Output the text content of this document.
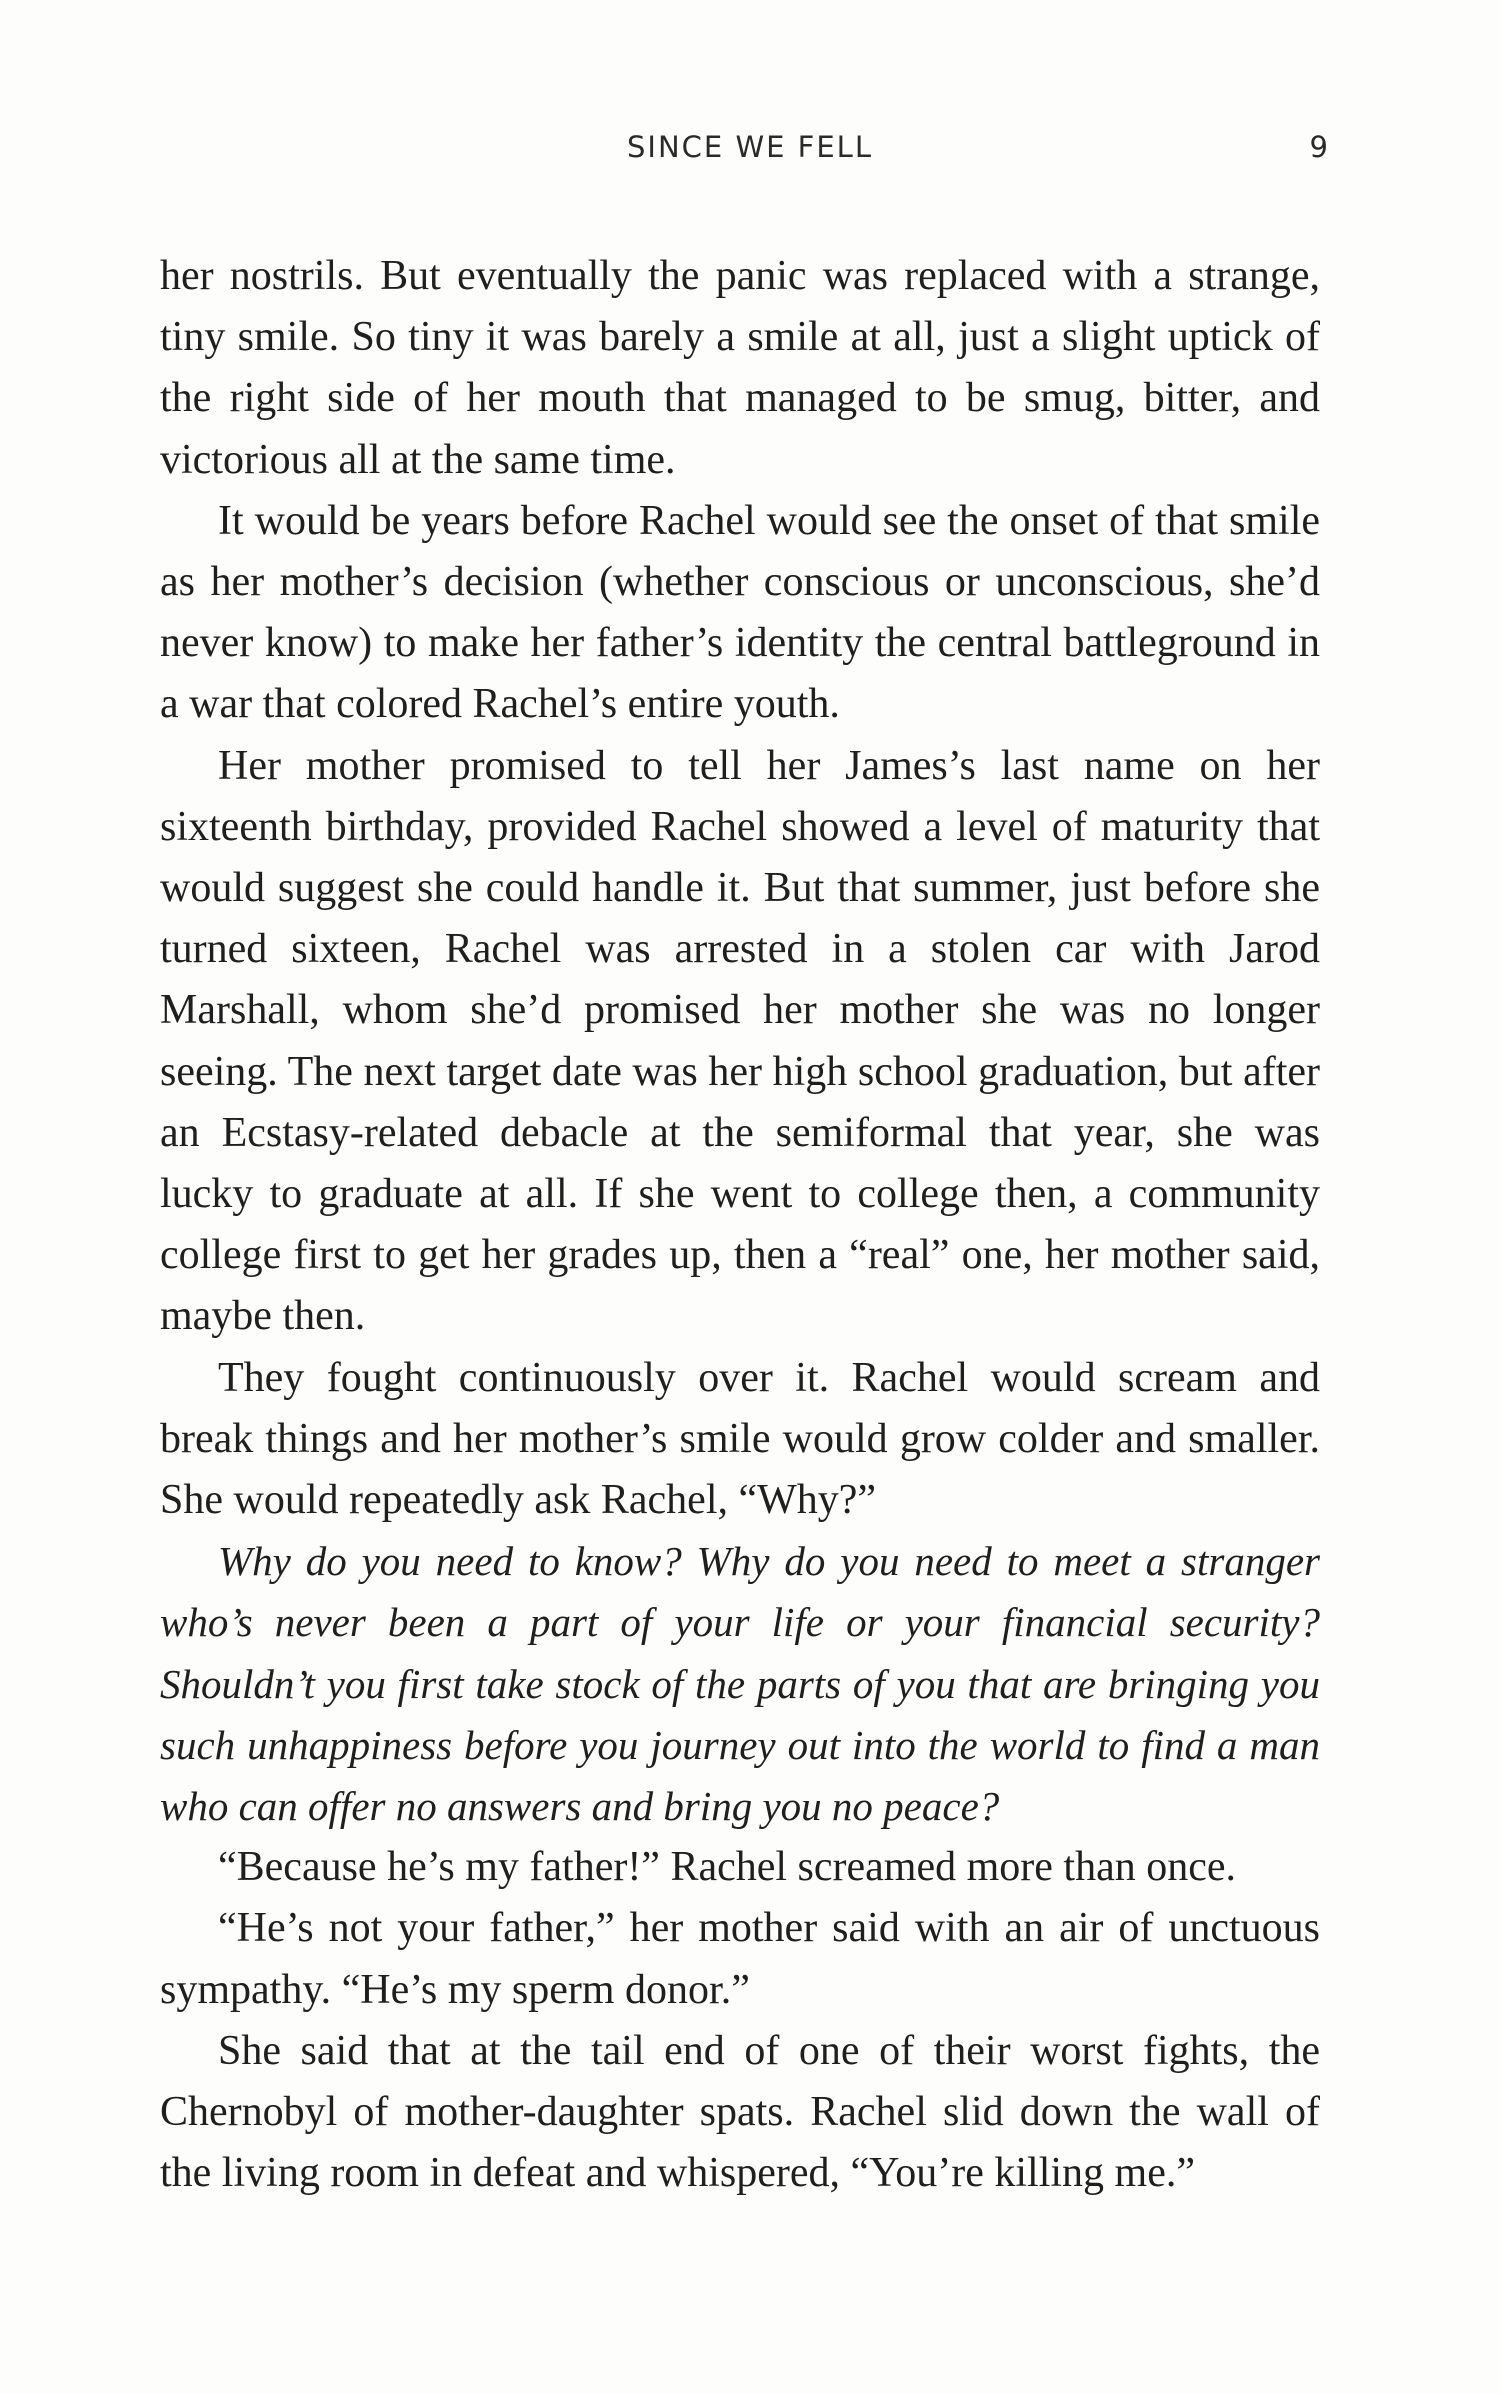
SINCE WE FELL	9

her nostrils. But eventually the panic was replaced with a strange, tiny smile. So tiny it was barely a smile at all, just a slight uptick of the right side of her mouth that managed to be smug, bitter, and victorious all at the same time.

It would be years before Rachel would see the onset of that smile as her mother’s decision (whether conscious or unconscious, she’d never know) to make her father’s identity the central battleground in a war that colored Rachel’s entire youth.

Her mother promised to tell her James’s last name on her sixteenth birthday, provided Rachel showed a level of maturity that would suggest she could handle it. But that summer, just before she turned sixteen, Rachel was arrested in a stolen car with Jarod Marshall, whom she’d promised her mother she was no longer seeing. The next target date was her high school graduation, but after an Ecstasy-related debacle at the semiformal that year, she was lucky to graduate at all. If she went to college then, a community college first to get her grades up, then a “real” one, her mother said, maybe then.

They fought continuously over it. Rachel would scream and break things and her mother’s smile would grow colder and smaller. She would repeatedly ask Rachel, “Why?”

Why do you need to know? Why do you need to meet a stranger who’s never been a part of your life or your financial security? Shouldn’t you first take stock of the parts of you that are bringing you such unhappiness before you journey out into the world to find a man who can offer no answers and bring you no peace?

“Because he’s my father!” Rachel screamed more than once.

“He’s not your father,” her mother said with an air of unctuous sympathy. “He’s my sperm donor.”

She said that at the tail end of one of their worst fights, the Chernobyl of mother-daughter spats. Rachel slid down the wall of the living room in defeat and whispered, “You’re killing me.”
